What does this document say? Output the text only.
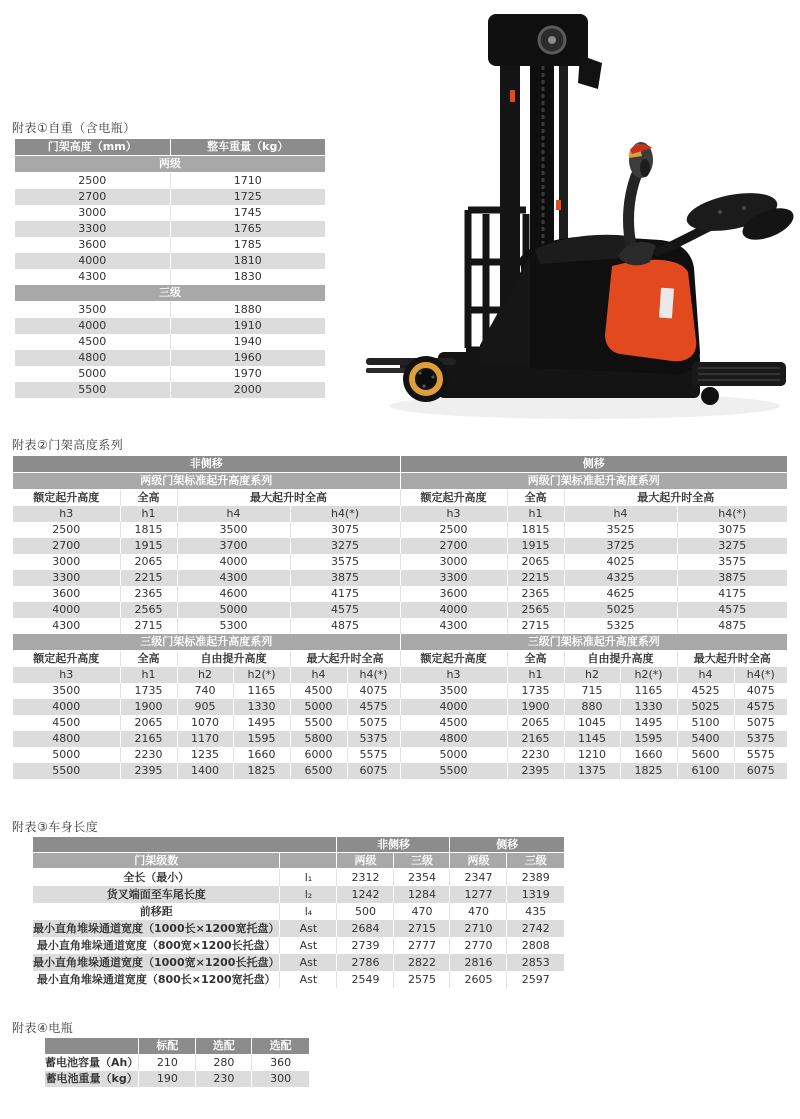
附表①自重（含电瓶）
附表②门架高度系列
附表③车身长度
附表④电瓶
门架高度（mm）	整车重量（kg）
两级	
2500	1710
2700	1725
3000	1745
3300	1765
3600	1785
4000	1810
4300	1830
三级	
3500	1880
4000	1910
4500	1940
4800	1960
5000	1970
5500	2000
非侧移						侧移					
两级门架标准起升高度系列						两级门架标准起升高度系列					
额定起升高度	全高	最大起升时全高				额定起升高度	全高	最大起升时全高			
h3	h1	h4		h4(*)		h3	h1	h4		h4(*)	
2500	1815	3500		3075		2500	1815	3525		3075	
2700	1915	3700		3275		2700	1915	3725		3275	
3000	2065	4000		3575		3000	2065	4025		3575	
3300	2215	4300		3875		3300	2215	4325		3875	
3600	2365	4600		4175		3600	2365	4625		4175	
4000	2565	5000		4575		4000	2565	5025		4575	
4300	2715	5300		4875		4300	2715	5325		4875	
三级门架标准起升高度系列						三级门架标准起升高度系列					
额定起升高度	全高	自由提升高度		最大起升时全高		额定起升高度	全高	自由提升高度		最大起升时全高	
h3	h1	h2	h2(*)	h4	h4(*)	h3	h1	h2	h2(*)	h4	h4(*)
3500	1735	740	1165	4500	4075	3500	1735	715	1165	4525	4075
4000	1900	905	1330	5000	4575	4000	1900	880	1330	5025	4575
4500	2065	1070	1495	5500	5075	4500	2065	1045	1495	5100	5075
4800	2165	1170	1595	5800	5375	4800	2165	1145	1595	5400	5375
5000	2230	1235	1660	6000	5575	5000	2230	1210	1660	5600	5575
5500	2395	1400	1825	6500	6075	5500	2395	1375	1825	6100	6075
		非侧移		侧移	
门架级数		两级	三级	两级	三级
全长（最小）	l₁	2312	2354	2347	2389
货叉端面至车尾长度	l₂	1242	1284	1277	1319
前移距	l₄	500	470	470	435
最小直角堆垛通道宽度（1000长×1200宽托盘）	Ast	2684	2715	2710	2742
最小直角堆垛通道宽度（800宽×1200长托盘）	Ast	2739	2777	2770	2808
最小直角堆垛通道宽度（1000宽×1200长托盘）	Ast	2786	2822	2816	2853
最小直角堆垛通道宽度（800长×1200宽托盘）	Ast	2549	2575	2605	2597
	标配	选配	选配
蓄电池容量（Ah）	210	280	360
蓄电池重量（kg）	190	230	300
